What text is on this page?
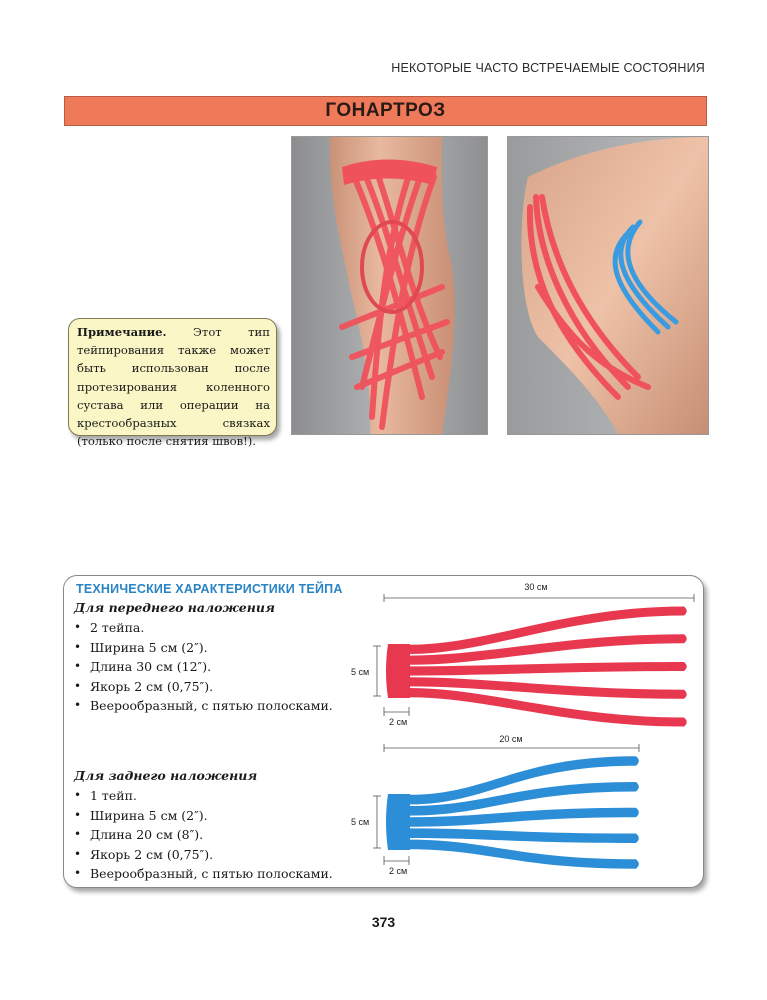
НЕКОТОРЫЕ ЧАСТО ВСТРЕЧАЕМЫЕ СОСТОЯНИЯ
ГОНАРТРОЗ
Примечание. Этот тип тейпирования также может быть использован после протезирования коленного сустава или операции на крестообразных связках (только после снятия швов!).
ТЕХНИЧЕСКИЕ ХАРАКТЕРИСТИКИ ТЕЙПА
Для переднего наложения
• 2 тейпа.
• Ширина 5 см (2″).
• Длина 30 см (12″).
• Якорь 2 см (0,75″).
• Веерообразный, с пятью полосками.
Для заднего наложения
• 1 тейп.
• Ширина 5 см (2″).
• Длина 20 см (8″).
• Якорь 2 см (0,75″).
• Веерообразный, с пятью полосками.
30 см
5 см
2 см
20 см
5 см
2 см
373
